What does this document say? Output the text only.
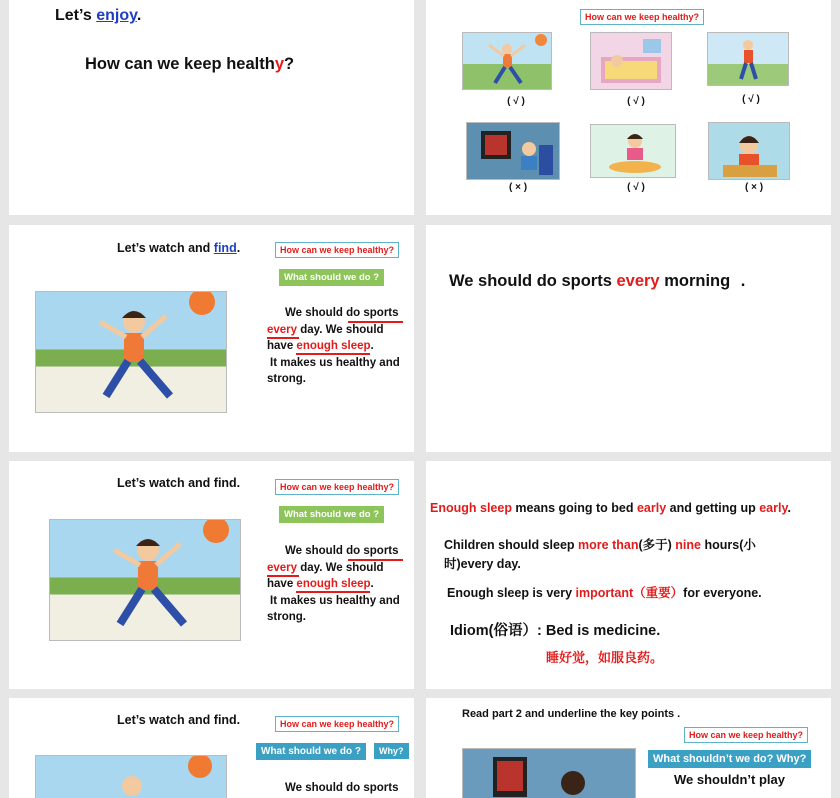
Let’s enjoy.
How can we keep healthy?
How can we keep healthy?
( √ )	( √ )	( √ )
( × )	( √ )	( × )
Let’s watch and find.	How can we keep healthy?
What should we do ?
We should do sports
every day. We should
have enough sleep.
It makes us healthy and
strong.
We should do sports every morning .
Let’s watch and find.	How can we keep healthy?
What should we do ?
We should do sports
every day. We should
have enough sleep.
It makes us healthy and
strong.
Enough sleep means going to bed early and getting up early.
Children should sleep more than(多于) nine hours(小
时)every day.
Enough sleep is very important（重要）for everyone.
Idiom(俗语）: Bed is medicine.
睡好觉，如服良药。
Let’s watch and find.	How can we keep healthy?
What should we do ?	Why?
We should do sports
Read part 2 and underline the key points .
How can we keep healthy?
What shouldn’t we do? Why?
We shouldn’t play
